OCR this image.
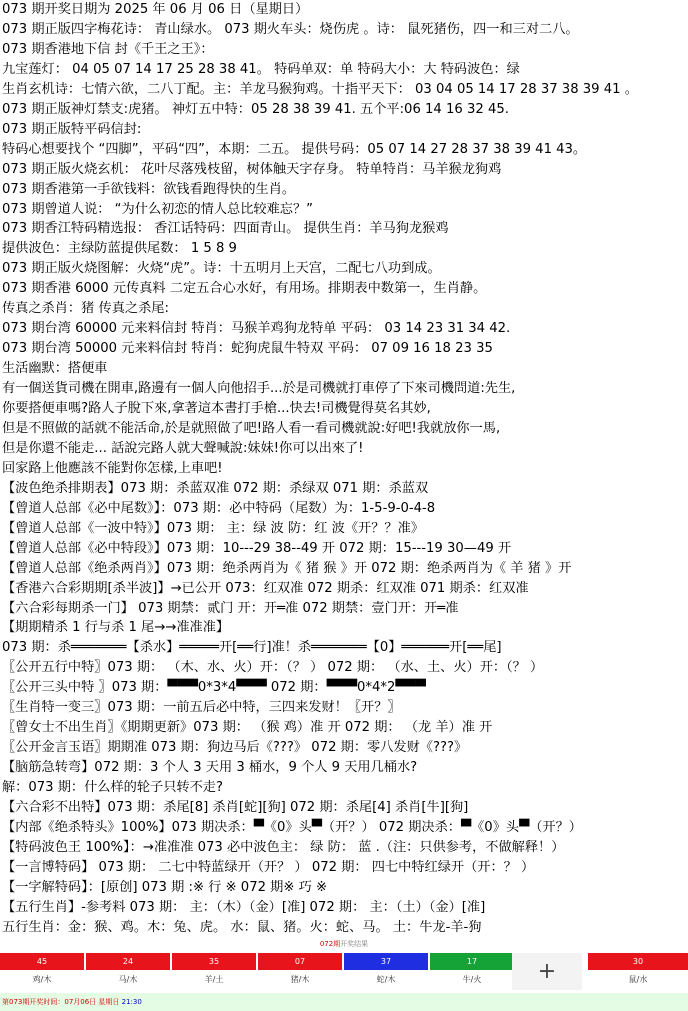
073 期开奖日期为 2025 年 06 月 06 日（星期日）
073 期正版四字梅花诗： 青山绿水。 073 期火车头：烧伤虎 。诗： 鼠死猪伤，四一和三对二八。
073 期香港地下信 封《千王之王》：
九宝莲灯： 04 05 07 14 17 25 28 38 41。 特码单双：单 特码大小：大 特码波色：绿
生肖玄机诗：七情六欲，二八丁配。主：羊龙马猴狗鸡。十指平天下： 03 04 05 14 17 28 37 38 39 41 。
073 期正版神灯禁支:虎猪。 神灯五中特：05 28 38 39 41. 五个平:06 14 16 32 45.
073 期正版特平码信封:
特码心想要找个 “四脚”，平码“四”，本期：二五。 提供号码：05 07 14 27 28 37 38 39 41 43。
073 期正版火烧玄机： 花叶尽落残枝留，树体触天字存身。 特单特肖：马羊猴龙狗鸡
073 期香港第一手欲钱料：欲钱看跑得快的生肖。
073 期曾道人说： “为什么初恋的情人总比较难忘？”
073 期香江特码精选报： 香江话特码：四面青山。 提供生肖：羊马狗龙猴鸡
提供波色：主绿防蓝提供尾数： 1 5 8 9
073 期正版火烧图解：火烧“虎”。诗：十五明月上天宫，二配七八功到成。
073 期香港 6000 元传真料 二定五合心水好，有用场。排期表中数第一，生肖静。
传真之杀肖：猪 传真之杀尾:
073 期台湾 60000 元来料信封 特肖：马猴羊鸡狗龙特单 平码： 03 14 23 31 34 42.
073 期台湾 50000 元来料信封 特肖：蛇狗虎鼠牛特双 平码： 07 09 16 18 23 35
生活幽默：搭便車
有一個送貨司機在開車,路邊有一個人向他招手...於是司機就打車停了下來司機問道:先生,
你要搭便車嗎?路人子脫下來,拿著這本書打手槍...快去!司機覺得莫名其妙,
但是不照做的話就不能活命,於是就照做了吧!路人看一看司機就說:好吧!我就放你一馬,
但是你還不能走... 話說完路人就大聲喊說:妹妹!你可以出來了!
回家路上他應該不能對你怎樣,上車吧!
【波色绝杀排期表】073 期：杀蓝双准 072 期：杀绿双 071 期：杀蓝双
【曾道人总部《必中尾数》】：073 期：必中特码（尾数）为：1-5-9-0-4-8
【曾道人总部《一波中特》】073 期： 主：绿 波 防：红 波《开？？准》
【曾道人总部《必中特段》】073 期：10---29 38--49 开 072 期：15---19 30—49 开
【曾道人总部《绝杀两肖》】073 期：绝杀两肖为《 猪 猴 》开 072 期：绝杀两肖为《 羊 猪 》开
【香港六合彩期期[杀半波]】→已公开 073：红双准 072 期杀：红双准 071 期杀：红双准
【六合彩每期杀一门】 073 期禁：贰门 开：开═准 072 期禁：壹门开：开═准
【期期精杀 1 行与杀 1 尾→→准准准】
073 期：杀═══════【杀水】═════开[══行]准！杀═══════【0】══════开[══尾]
〖公开五行中特〗073 期： （木、水、火）开：（？ ） 072 期： （水、土、火）开：（？ ）
〖公开三头中特 〗073 期：▀▀▀0*3*4▀▀▀ 072 期：▀▀▀0*4*2▀▀▀
〖生肖特一变三〗073 期：一前五后必中特，三四来发财！〖开？〗
〖曾女士不出生肖〗《期期更新》073 期： （猴 鸡）准 开 072 期： （龙 羊）准 开
〖公开金言玉语〗期期准 073 期：狗边马后《???》 072 期：零八发财《???》
【脑筋急转弯】072 期：3 个人 3 天用 3 桶水，9 个人 9 天用几桶水?
解：073 期：什么样的轮子只转不走?
【六合彩不出特】073 期：杀尾[8] 杀肖[蛇][狗] 072 期：杀尾[4] 杀肖[牛][狗]
【内部《绝杀特头》100%】073 期决杀：▀《0》头▀（开？） 072 期决杀：▀《0》头▀（开？）
【特码波色王 100%】：→准准准 073 必中波色主： 绿 防： 蓝 .（注：只供参考，不做解释！）
【一言博特码】 073 期： 二七中特蓝绿开（开？ ） 072 期： 四七中特红绿开（开：？ ）
【一字解特码】：[原创] 073 期 :※ 行 ※ 072 期※ 巧 ※
【五行生肖】-参考料 073 期： 主：（木）（金）[准] 072 期： 主：（土）（金）[准]
五行生肖：金：猴、鸡。木：兔、虎。 水：鼠、猪。火：蛇、马。 土：牛龙-羊-狗
072期开奖结果
45
鸡/木
24
马/木
35
羊/土
07
猪/木
37
蛇/木
17
牛/火	+	30
鼠/水
第073期开奖时间：07月06日 星期日 21:30
